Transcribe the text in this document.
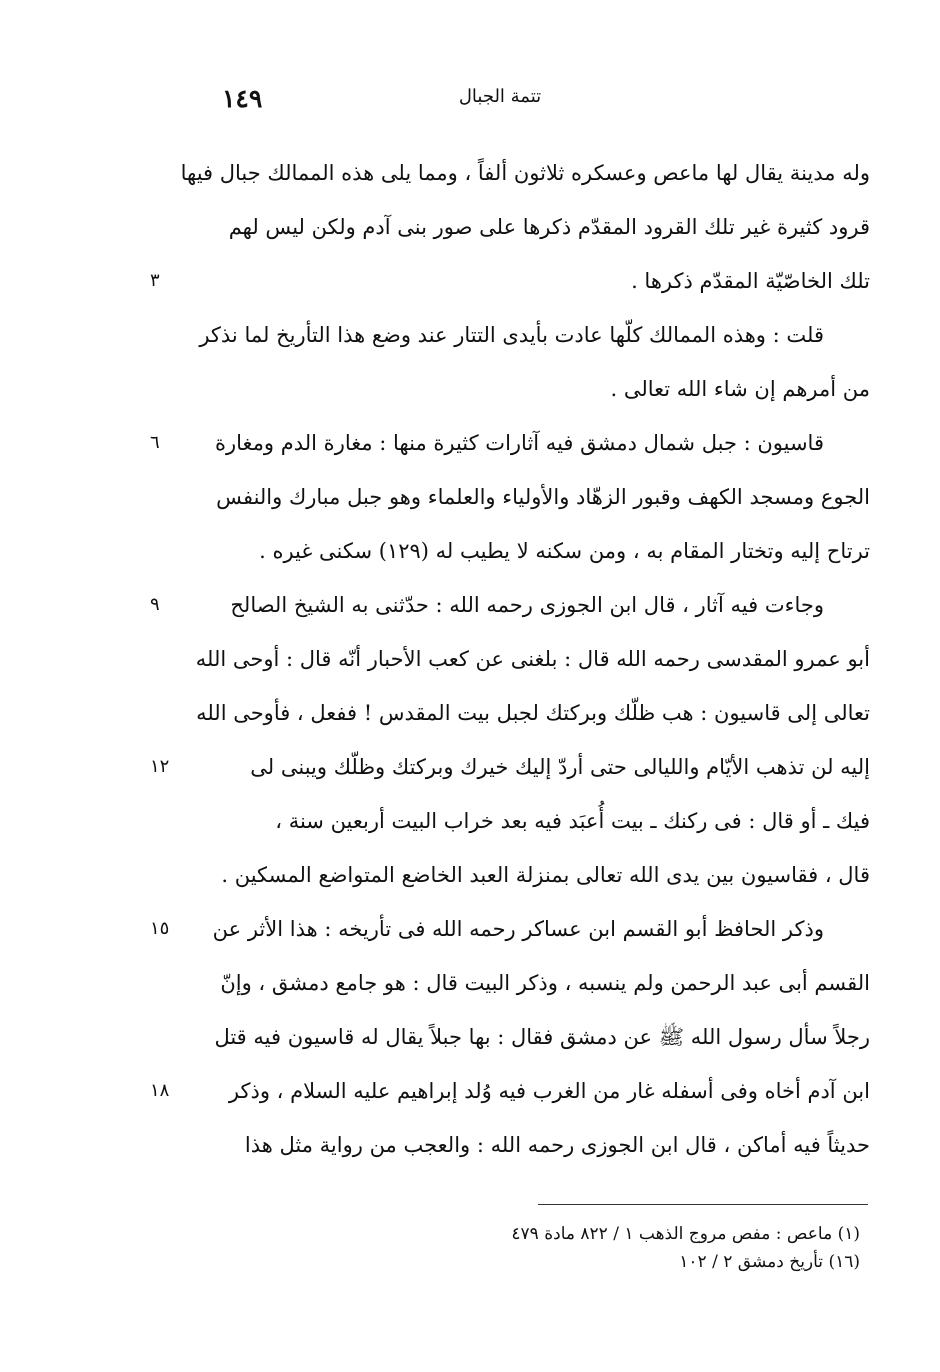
١٤٩	تتمة الجبال
وله مدينة يقال لها ماعص وعسكره ثلاثون ألفاً ، ومما يلى هذه الممالك جبال فيها
قرود كثيرة غير تلك القرود المقدّم ذكرها على صور بنى آدم ولكن ليس لهم
٣	تلك الخاصّيّة المقدّم ذكرها .
قلت : وهذه الممالك كلّها عادت بأيدى التتار عند وضع هذا التأريخ لما نذكر
من أمرهم إن شاء الله تعالى .
٦	قاسيون : جبل شمال دمشق فيه آثارات كثيرة منها : مغارة الدم ومغارة
الجوع ومسجد الكهف وقبور الزهّاد والأولياء والعلماء وهو جبل مبارك والنفس
ترتاح إليه وتختار المقام به ، ومن سكنه لا يطيب له (١٢٩) سكنى غيره .
٩	وجاءت فيه آثار ، قال ابن الجوزى رحمه الله : حدّثنى به الشيخ الصالح
أبو عمرو المقدسى رحمه الله قال : بلغنى عن كعب الأحبار أنّه قال : أوحى الله
تعالى إلى قاسيون : هب ظلّك وبركتك لجبل بيت المقدس ! ففعل ، فأوحى الله
١٢	إليه لن تذهب الأيّام والليالى حتى أردّ إليك خيرك وبركتك وظلّك ويبنى لى
فيك ـ أو قال : فى ركنك ـ بيت أُعبَد فيه بعد خراب البيت أربعين سنة ،
قال ، فقاسيون بين يدى الله تعالى بمنزلة العبد الخاضع المتواضع المسكين .
١٥	وذكر الحافظ أبو القسم ابن عساكر رحمه الله فى تأريخه : هذا الأثر عن
القسم أبى عبد الرحمن ولم ينسبه ، وذكر البيت قال : هو جامع دمشق ، وإنّ
رجلاً سأل رسول الله ﷺ عن دمشق فقال : بها جبلاً يقال له قاسيون فيه قتل
١٨	ابن آدم أخاه وفى أسفله غار من الغرب فيه وُلد إبراهيم عليه السلام ، وذكر
حديثاً فيه أماكن ، قال ابن الجوزى رحمه الله : والعجب من رواية مثل هذا
(١) ماعص : مفص مروج الذهب ١ / ٨٢٢ مادة ٤٧٩
(١٦) تأريخ دمشق ٢ / ١٠٢
